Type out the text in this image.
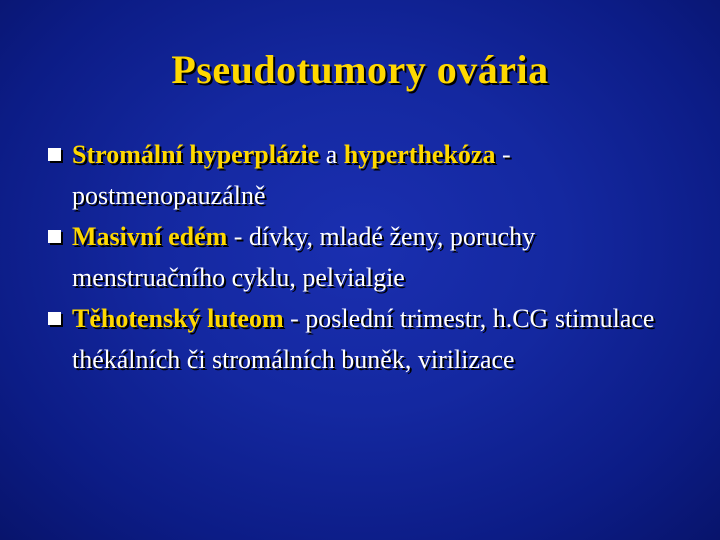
Pseudotumory ovária
Stromální hyperplázie a hyperthekóza - postmenopauzálně
Masivní edém - dívky, mladé ženy, poruchy menstruačního cyklu, pelvialgie
Těhotenský luteom - poslední trimestr, h.CG stimulace thékálních či stromálních buněk, virilizace
